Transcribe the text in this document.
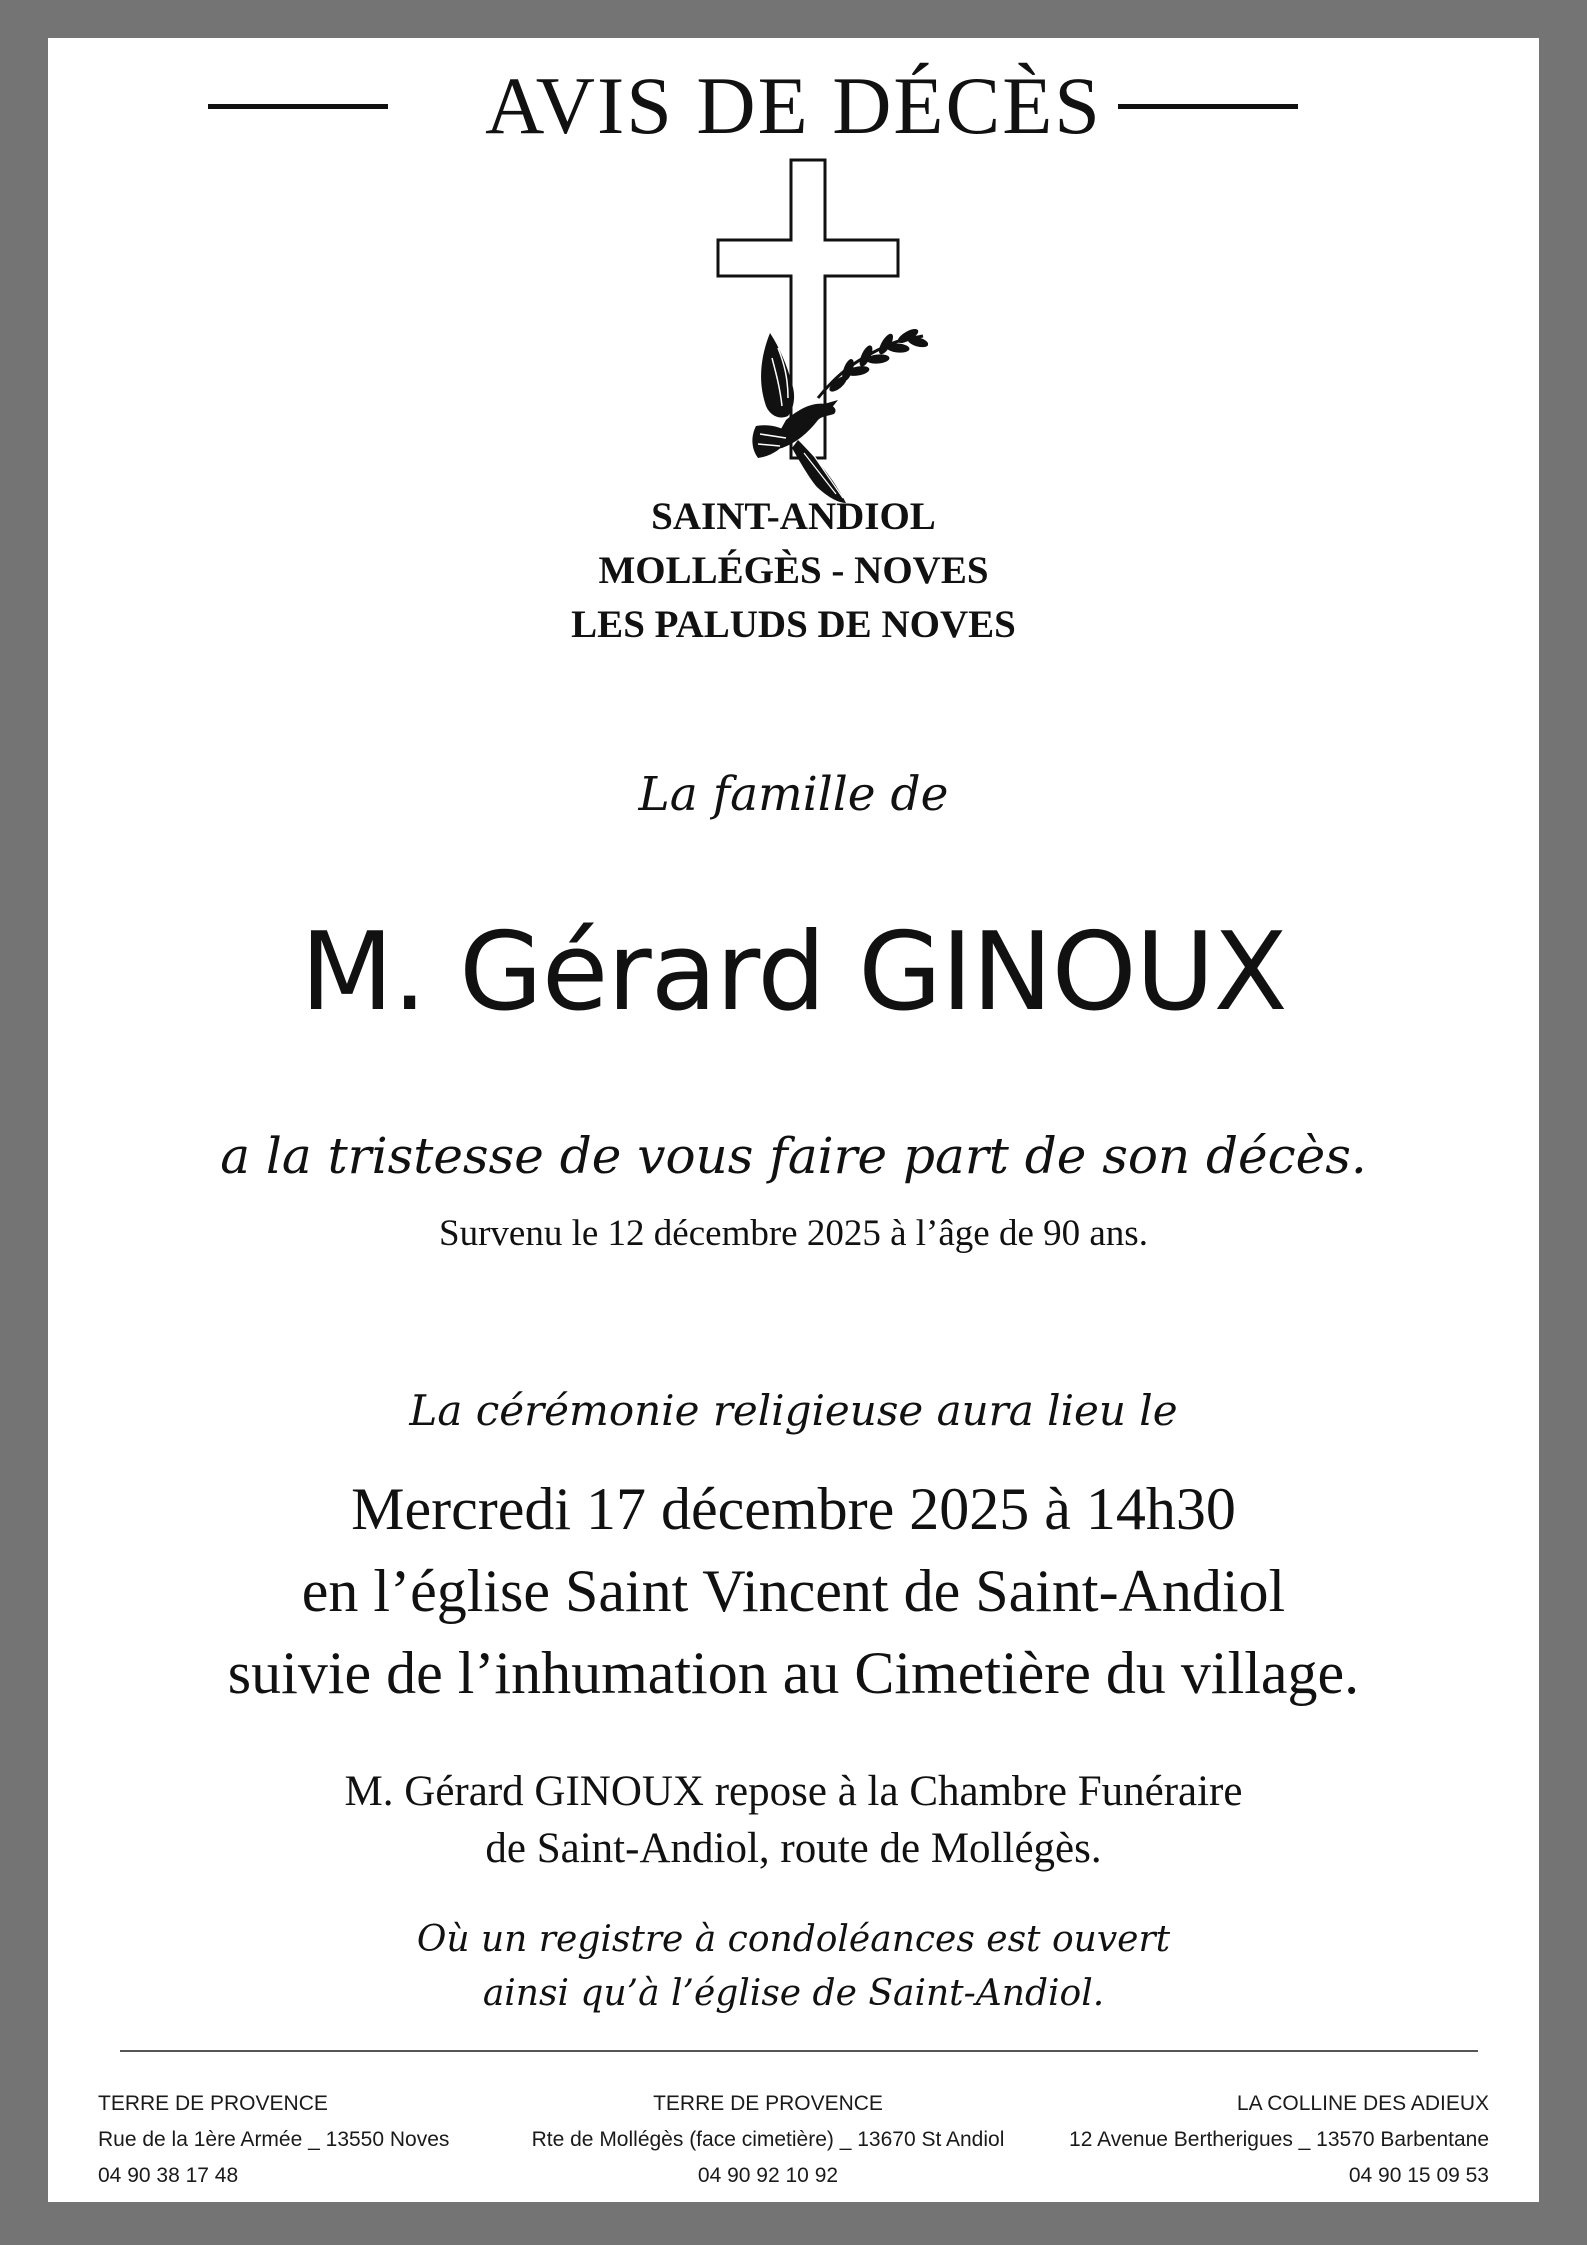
AVIS DE DÉCÈS
SAINT-ANDIOL
MOLLÉGÈS - NOVES
LES PALUDS DE NOVES
La famille de
M. Gérard GINOUX
a la tristesse de vous faire part de son décès.
Survenu le 12 décembre 2025 à l’âge de 90 ans.
La cérémonie religieuse aura lieu le
Mercredi 17 décembre 2025 à 14h30
en l’église Saint Vincent de Saint-Andiol
suivie de l’inhumation au Cimetière du village.
M. Gérard GINOUX repose à la Chambre Funéraire
de Saint-Andiol, route de Mollégès.
Où un registre à condoléances est ouvert
ainsi qu’à l’église de Saint-Andiol.
TERRE DE PROVENCE
Rue de la 1ère Armée _ 13550 Noves
04 90 38 17 48
TERRE DE PROVENCE
Rte de Mollégès (face cimetière) _ 13670 St Andiol
04 90 92 10 92
LA COLLINE DES ADIEUX
12 Avenue Bertherigues _ 13570 Barbentane
04 90 15 09 53
